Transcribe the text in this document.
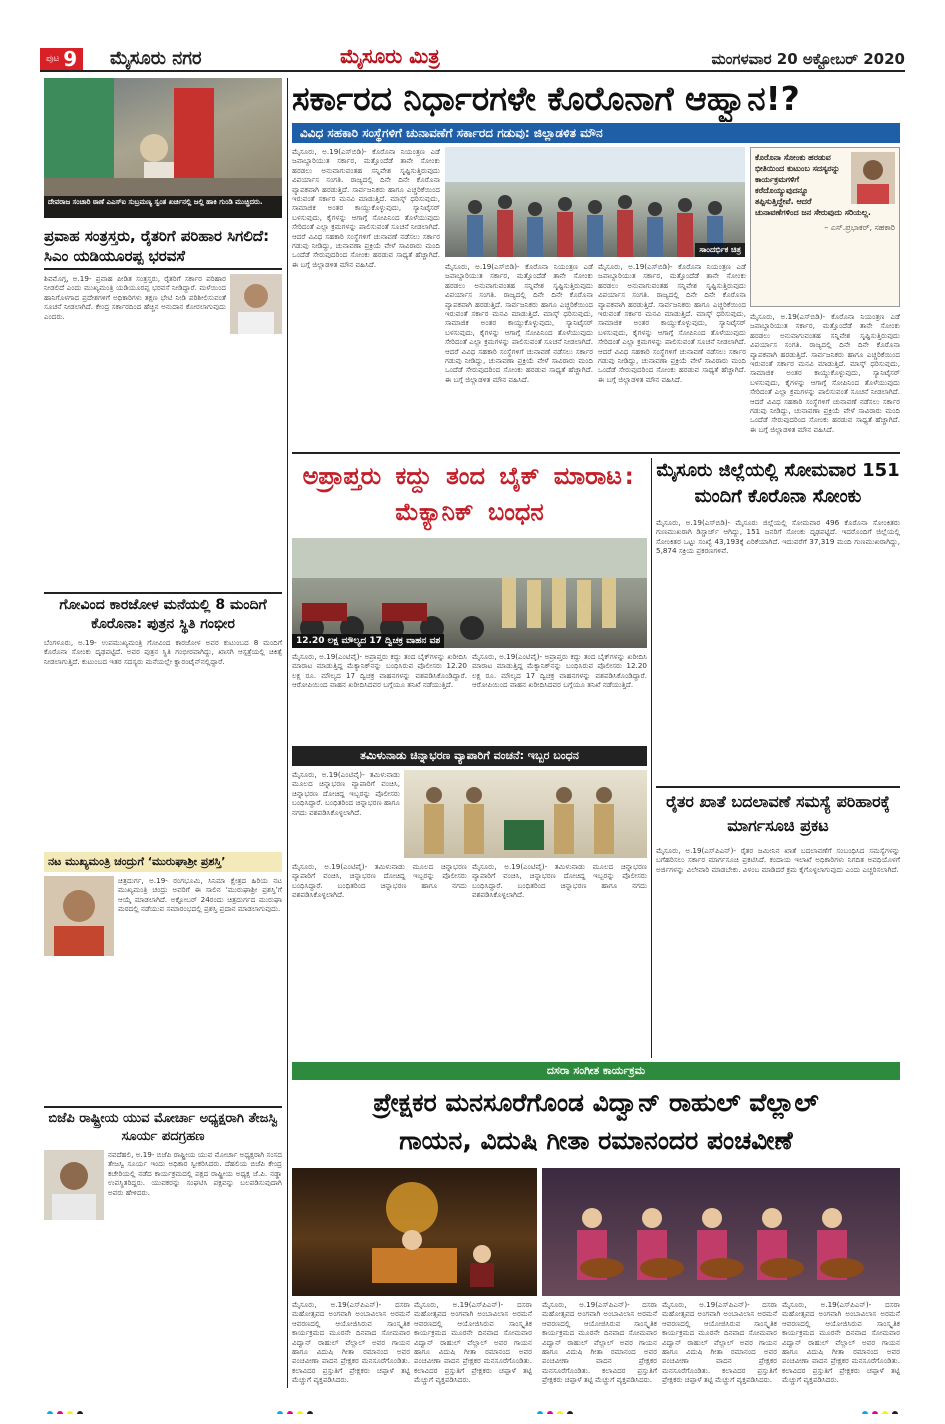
ಪುಟ 9 ಮೈಸೂರು ನಗರ	ಮೈಸೂರು ಮಿತ್ರ	ಮಂಗಳವಾರ 20 ಅಕ್ಟೋಬರ್ 2020
ದೇವರಾಜ ಸಂಚಾರಿ ಠಾಣೆ ಎಎಸ್‌ಐ ಸುಬ್ರಮಣ್ಯ ಸ್ವಂತ ಖರ್ಚಿನಲ್ಲಿ ಜಲ್ಲಿ ಹಾಕಿ ಗುಂಡಿ ಮುಚ್ಚಿದರು.
ಪ್ರವಾಹ ಸಂತ್ರಸ್ತರು, ರೈತರಿಗೆ ಪರಿಹಾರ ಸಿಗಲಿದೆ: ಸಿಎಂ ಯಡಿಯೂರಪ್ಪ ಭರವಸೆ
ಶಿವಮೊಗ್ಗ, ಅ.19- ಪ್ರವಾಹ ಪೀಡಿತ ಸಂತ್ರಸ್ತರು, ರೈತರಿಗೆ ಸರ್ಕಾರ ಪರಿಹಾರ ನೀಡಲಿದೆ ಎಂದು ಮುಖ್ಯಮಂತ್ರಿ ಯಡಿಯೂರಪ್ಪ ಭರವಸೆ ನೀಡಿದ್ದಾರೆ. ಮಳೆಯಿಂದ ಹಾನಿಗೊಳಗಾದ ಪ್ರದೇಶಗಳಿಗೆ ಅಧಿಕಾರಿಗಳು ತಕ್ಷಣ ಭೇಟಿ ನೀಡಿ ಪರಿಶೀಲಿಸುವಂತೆ ಸೂಚನೆ ನೀಡಲಾಗಿದೆ. ಕೇಂದ್ರ ಸರ್ಕಾರದಿಂದ ಹೆಚ್ಚಿನ ಅನುದಾನ ಕೋರಲಾಗುವುದು ಎಂದರು.
ಗೋವಿಂದ ಕಾರಜೋಳ ಮನೆಯಲ್ಲಿ 8 ಮಂದಿಗೆ ಕೊರೊನಾ: ಪುತ್ರನ ಸ್ಥಿತಿ ಗಂಭೀರ
ಬೆಂಗಳೂರು, ಅ.19- ಉಪಮುಖ್ಯಮಂತ್ರಿ ಗೋವಿಂದ ಕಾರಜೋಳ ಅವರ ಕುಟುಂಬದ 8 ಮಂದಿಗೆ ಕೊರೊನಾ ಸೋಂಕು ದೃಢಪಟ್ಟಿದೆ. ಅವರ ಪುತ್ರನ ಸ್ಥಿತಿ ಗಂಭೀರವಾಗಿದ್ದು, ಖಾಸಗಿ ಆಸ್ಪತ್ರೆಯಲ್ಲಿ ಚಿಕಿತ್ಸೆ ನೀಡಲಾಗುತ್ತಿದೆ. ಕುಟುಂಬದ ಇತರ ಸದಸ್ಯರು ಮನೆಯಲ್ಲೇ ಕ್ವಾರಂಟೈನ್‌ನಲ್ಲಿದ್ದಾರೆ.
ನಟ ಮುಖ್ಯಮಂತ್ರಿ ಚಂದ್ರುಗೆ ‘ಮುರುಘಾಶ್ರೀ ಪ್ರಶಸ್ತಿ’
ಚಿತ್ರದುರ್ಗ, ಅ.19- ರಂಗಭೂಮಿ, ಸಿನಿಮಾ ಕ್ಷೇತ್ರದ ಹಿರಿಯ ನಟ ಮುಖ್ಯಮಂತ್ರಿ ಚಂದ್ರು ಅವರಿಗೆ ಈ ಸಾಲಿನ ‘ಮುರುಘಾಶ್ರೀ ಪ್ರಶಸ್ತಿ’ಗೆ ಆಯ್ಕೆ ಮಾಡಲಾಗಿದೆ. ಅಕ್ಟೋಬರ್ 24ರಂದು ಚಿತ್ರದುರ್ಗದ ಮುರುಘಾ ಮಠದಲ್ಲಿ ನಡೆಯುವ ಸಮಾರಂಭದಲ್ಲಿ ಪ್ರಶಸ್ತಿ ಪ್ರದಾನ ಮಾಡಲಾಗುವುದು.
ಬಿಜೆಪಿ ರಾಷ್ಟ್ರೀಯ ಯುವ ಮೋರ್ಚಾ ಅಧ್ಯಕ್ಷರಾಗಿ ತೇಜಸ್ವಿ ಸೂರ್ಯ ಪದಗ್ರಹಣ
ನವದೆಹಲಿ, ಅ.19- ಬಿಜೆಪಿ ರಾಷ್ಟ್ರೀಯ ಯುವ ಮೋರ್ಚಾ ಅಧ್ಯಕ್ಷರಾಗಿ ಸಂಸದ ತೇಜಸ್ವಿ ಸೂರ್ಯ ಇಂದು ಅಧಿಕಾರ ಸ್ವೀಕರಿಸಿದರು. ದೆಹಲಿಯ ಬಿಜೆಪಿ ಕೇಂದ್ರ ಕಚೇರಿಯಲ್ಲಿ ನಡೆದ ಕಾರ್ಯಕ್ರಮದಲ್ಲಿ ಪಕ್ಷದ ರಾಷ್ಟ್ರೀಯ ಅಧ್ಯಕ್ಷ ಜೆ.ಪಿ. ನಡ್ಡಾ ಉಪಸ್ಥಿತರಿದ್ದರು. ಯುವಕರನ್ನು ಸಂಘಟಿಸಿ ಪಕ್ಷವನ್ನು ಬಲಪಡಿಸುವುದಾಗಿ ಅವರು ಹೇಳಿದರು.
ಸರ್ಕಾರದ ನಿರ್ಧಾರಗಳೇ ಕೊರೊನಾಗೆ ಆಹ್ವಾನ!?
ವಿವಿಧ ಸಹಕಾರಿ ಸಂಸ್ಥೆಗಳಿಗೆ ಚುನಾವಣೆಗೆ ಸರ್ಕಾರದ ಗಡುವು: ಜಿಲ್ಲಾಡಳಿತ ಮೌನ
ಮೈಸೂರು, ಅ.19(ಎಸ್‌ಬಿಡಿ)- ಕೊರೊನಾ ನಿಯಂತ್ರಣ ಎಡೆ ಜವಾಬ್ದಾರಿಯುತ ಸರ್ಕಾರ, ಮತ್ತೊಂದೆಡೆ ತಾನೇ ಸೋಂಕು ಹರಡಲು ಅನುವಾಗುವಂತಹ ಸನ್ನಿವೇಶ ಸೃಷ್ಟಿಸುತ್ತಿರುವುದು ವಿಪರ್ಯಾಸ ಸಂಗತಿ. ರಾಜ್ಯದಲ್ಲಿ ದಿನೇ ದಿನೇ ಕೊರೊನಾ ವ್ಯಾಪಕವಾಗಿ ಹರಡುತ್ತಿದೆ. ಸಾರ್ವಜನಿಕರು ಹಾಗೂ ಎಚ್ಚರಿಕೆಯಿಂದ ಇರುವಂತೆ ಸರ್ಕಾರ ಮನವಿ ಮಾಡುತ್ತಿದೆ. ಮಾಸ್ಕ್ ಧರಿಸುವುದು, ಸಾಮಾಜಿಕ ಅಂತರ ಕಾಯ್ದುಕೊಳ್ಳುವುದು, ಸ್ಯಾನಿಟೈಸರ್ ಬಳಸುವುದು, ಕೈಗಳನ್ನು ಆಗಾಗ್ಗೆ ಸೋಪಿನಿಂದ ತೊಳೆಯುವುದು ಸೇರಿದಂತೆ ಎಲ್ಲಾ ಕ್ರಮಗಳನ್ನು ಪಾಲಿಸುವಂತೆ ಸೂಚನೆ ನೀಡಲಾಗಿದೆ. ಆದರೆ ವಿವಿಧ ಸಹಕಾರಿ ಸಂಸ್ಥೆಗಳಿಗೆ ಚುನಾವಣೆ ನಡೆಸಲು ಸರ್ಕಾರ ಗಡುವು ನೀಡಿದ್ದು, ಚುನಾವಣಾ ಪ್ರಕ್ರಿಯೆ ವೇಳೆ ಸಾವಿರಾರು ಮಂದಿ ಒಂದೆಡೆ ಸೇರುವುದರಿಂದ ಸೋಂಕು ಹರಡುವ ಸಾಧ್ಯತೆ ಹೆಚ್ಚಾಗಿದೆ. ಈ ಬಗ್ಗೆ ಜಿಲ್ಲಾಡಳಿತ ಮೌನ ವಹಿಸಿದೆ.
ಸಾಂದರ್ಭಿಕ ಚಿತ್ರ
ಮೈಸೂರು, ಅ.19(ಎಸ್‌ಬಿಡಿ)- ಕೊರೊನಾ ನಿಯಂತ್ರಣ ಎಡೆ ಜವಾಬ್ದಾರಿಯುತ ಸರ್ಕಾರ, ಮತ್ತೊಂದೆಡೆ ತಾನೇ ಸೋಂಕು ಹರಡಲು ಅನುವಾಗುವಂತಹ ಸನ್ನಿವೇಶ ಸೃಷ್ಟಿಸುತ್ತಿರುವುದು ವಿಪರ್ಯಾಸ ಸಂಗತಿ. ರಾಜ್ಯದಲ್ಲಿ ದಿನೇ ದಿನೇ ಕೊರೊನಾ ವ್ಯಾಪಕವಾಗಿ ಹರಡುತ್ತಿದೆ. ಸಾರ್ವಜನಿಕರು ಹಾಗೂ ಎಚ್ಚರಿಕೆಯಿಂದ ಇರುವಂತೆ ಸರ್ಕಾರ ಮನವಿ ಮಾಡುತ್ತಿದೆ. ಮಾಸ್ಕ್ ಧರಿಸುವುದು, ಸಾಮಾಜಿಕ ಅಂತರ ಕಾಯ್ದುಕೊಳ್ಳುವುದು, ಸ್ಯಾನಿಟೈಸರ್ ಬಳಸುವುದು, ಕೈಗಳನ್ನು ಆಗಾಗ್ಗೆ ಸೋಪಿನಿಂದ ತೊಳೆಯುವುದು ಸೇರಿದಂತೆ ಎಲ್ಲಾ ಕ್ರಮಗಳನ್ನು ಪಾಲಿಸುವಂತೆ ಸೂಚನೆ ನೀಡಲಾಗಿದೆ. ಆದರೆ ವಿವಿಧ ಸಹಕಾರಿ ಸಂಸ್ಥೆಗಳಿಗೆ ಚುನಾವಣೆ ನಡೆಸಲು ಸರ್ಕಾರ ಗಡುವು ನೀಡಿದ್ದು, ಚುನಾವಣಾ ಪ್ರಕ್ರಿಯೆ ವೇಳೆ ಸಾವಿರಾರು ಮಂದಿ ಒಂದೆಡೆ ಸೇರುವುದರಿಂದ ಸೋಂಕು ಹರಡುವ ಸಾಧ್ಯತೆ ಹೆಚ್ಚಾಗಿದೆ. ಈ ಬಗ್ಗೆ ಜಿಲ್ಲಾಡಳಿತ ಮೌನ ವಹಿಸಿದೆ.
ಮೈಸೂರು, ಅ.19(ಎಸ್‌ಬಿಡಿ)- ಕೊರೊನಾ ನಿಯಂತ್ರಣ ಎಡೆ ಜವಾಬ್ದಾರಿಯುತ ಸರ್ಕಾರ, ಮತ್ತೊಂದೆಡೆ ತಾನೇ ಸೋಂಕು ಹರಡಲು ಅನುವಾಗುವಂತಹ ಸನ್ನಿವೇಶ ಸೃಷ್ಟಿಸುತ್ತಿರುವುದು ವಿಪರ್ಯಾಸ ಸಂಗತಿ. ರಾಜ್ಯದಲ್ಲಿ ದಿನೇ ದಿನೇ ಕೊರೊನಾ ವ್ಯಾಪಕವಾಗಿ ಹರಡುತ್ತಿದೆ. ಸಾರ್ವಜನಿಕರು ಹಾಗೂ ಎಚ್ಚರಿಕೆಯಿಂದ ಇರುವಂತೆ ಸರ್ಕಾರ ಮನವಿ ಮಾಡುತ್ತಿದೆ. ಮಾಸ್ಕ್ ಧರಿಸುವುದು, ಸಾಮಾಜಿಕ ಅಂತರ ಕಾಯ್ದುಕೊಳ್ಳುವುದು, ಸ್ಯಾನಿಟೈಸರ್ ಬಳಸುವುದು, ಕೈಗಳನ್ನು ಆಗಾಗ್ಗೆ ಸೋಪಿನಿಂದ ತೊಳೆಯುವುದು ಸೇರಿದಂತೆ ಎಲ್ಲಾ ಕ್ರಮಗಳನ್ನು ಪಾಲಿಸುವಂತೆ ಸೂಚನೆ ನೀಡಲಾಗಿದೆ. ಆದರೆ ವಿವಿಧ ಸಹಕಾರಿ ಸಂಸ್ಥೆಗಳಿಗೆ ಚುನಾವಣೆ ನಡೆಸಲು ಸರ್ಕಾರ ಗಡುವು ನೀಡಿದ್ದು, ಚುನಾವಣಾ ಪ್ರಕ್ರಿಯೆ ವೇಳೆ ಸಾವಿರಾರು ಮಂದಿ ಒಂದೆಡೆ ಸೇರುವುದರಿಂದ ಸೋಂಕು ಹರಡುವ ಸಾಧ್ಯತೆ ಹೆಚ್ಚಾಗಿದೆ. ಈ ಬಗ್ಗೆ ಜಿಲ್ಲಾಡಳಿತ ಮೌನ ವಹಿಸಿದೆ.
ಕೊರೊನಾ ಸೋಂಕು ಹರಡುವ ಭೀತಿಯಿಂದ ಕುಟುಂಬ ಸದಸ್ಯರನ್ನು ಕಾರ್ಯಕ್ರಮಗಳಿಗೆ ಕರೆದೊಯ್ಯುವುದನ್ನೂ ತಪ್ಪಿಸುತ್ತಿದ್ದೇವೆ. ಆದರೆ ಚುನಾವಣೆಗಳಿಂದ ಜನ ಸೇರುವುದು ಸರಿಯಲ್ಲ.
– ಎಸ್.ಪ್ರಭಾಕರ್, ಸಹಕಾರಿ
ಮೈಸೂರು, ಅ.19(ಎಸ್‌ಬಿಡಿ)- ಕೊರೊನಾ ನಿಯಂತ್ರಣ ಎಡೆ ಜವಾಬ್ದಾರಿಯುತ ಸರ್ಕಾರ, ಮತ್ತೊಂದೆಡೆ ತಾನೇ ಸೋಂಕು ಹರಡಲು ಅನುವಾಗುವಂತಹ ಸನ್ನಿವೇಶ ಸೃಷ್ಟಿಸುತ್ತಿರುವುದು ವಿಪರ್ಯಾಸ ಸಂಗತಿ. ರಾಜ್ಯದಲ್ಲಿ ದಿನೇ ದಿನೇ ಕೊರೊನಾ ವ್ಯಾಪಕವಾಗಿ ಹರಡುತ್ತಿದೆ. ಸಾರ್ವಜನಿಕರು ಹಾಗೂ ಎಚ್ಚರಿಕೆಯಿಂದ ಇರುವಂತೆ ಸರ್ಕಾರ ಮನವಿ ಮಾಡುತ್ತಿದೆ. ಮಾಸ್ಕ್ ಧರಿಸುವುದು, ಸಾಮಾಜಿಕ ಅಂತರ ಕಾಯ್ದುಕೊಳ್ಳುವುದು, ಸ್ಯಾನಿಟೈಸರ್ ಬಳಸುವುದು, ಕೈಗಳನ್ನು ಆಗಾಗ್ಗೆ ಸೋಪಿನಿಂದ ತೊಳೆಯುವುದು ಸೇರಿದಂತೆ ಎಲ್ಲಾ ಕ್ರಮಗಳನ್ನು ಪಾಲಿಸುವಂತೆ ಸೂಚನೆ ನೀಡಲಾಗಿದೆ. ಆದರೆ ವಿವಿಧ ಸಹಕಾರಿ ಸಂಸ್ಥೆಗಳಿಗೆ ಚುನಾವಣೆ ನಡೆಸಲು ಸರ್ಕಾರ ಗಡುವು ನೀಡಿದ್ದು, ಚುನಾವಣಾ ಪ್ರಕ್ರಿಯೆ ವೇಳೆ ಸಾವಿರಾರು ಮಂದಿ ಒಂದೆಡೆ ಸೇರುವುದರಿಂದ ಸೋಂಕು ಹರಡುವ ಸಾಧ್ಯತೆ ಹೆಚ್ಚಾಗಿದೆ. ಈ ಬಗ್ಗೆ ಜಿಲ್ಲಾಡಳಿತ ಮೌನ ವಹಿಸಿದೆ.
ಅಪ್ರಾಪ್ತರು ಕದ್ದು ತಂದ ಬೈಕ್ ಮಾರಾಟ: ಮೆಕ್ಯಾನಿಕ್ ಬಂಧನ
12.20 ಲಕ್ಷ ಮೌಲ್ಯದ 17 ದ್ವಿಚಕ್ರ ವಾಹನ ವಶ
ಮೈಸೂರು, ಅ.19(ಎಂಟಿವೈ)- ಅಪ್ರಾಪ್ತರು ಕದ್ದು ತಂದ ಬೈಕ್‌ಗಳನ್ನು ಖರೀದಿಸಿ ಮಾರಾಟ ಮಾಡುತ್ತಿದ್ದ ಮೆಕ್ಯಾನಿಕ್‌ನನ್ನು ಬಂಧಿಸಿರುವ ಪೊಲೀಸರು 12.20 ಲಕ್ಷ ರೂ. ಮೌಲ್ಯದ 17 ದ್ವಿಚಕ್ರ ವಾಹನಗಳನ್ನು ವಶಪಡಿಸಿಕೊಂಡಿದ್ದಾರೆ. ಆರೋಪಿಯಿಂದ ವಾಹನ ಖರೀದಿಸಿದವರ ಬಗ್ಗೆಯೂ ತನಿಖೆ ನಡೆಯುತ್ತಿದೆ.
ಮೈಸೂರು, ಅ.19(ಎಂಟಿವೈ)- ಅಪ್ರಾಪ್ತರು ಕದ್ದು ತಂದ ಬೈಕ್‌ಗಳನ್ನು ಖರೀದಿಸಿ ಮಾರಾಟ ಮಾಡುತ್ತಿದ್ದ ಮೆಕ್ಯಾನಿಕ್‌ನನ್ನು ಬಂಧಿಸಿರುವ ಪೊಲೀಸರು 12.20 ಲಕ್ಷ ರೂ. ಮೌಲ್ಯದ 17 ದ್ವಿಚಕ್ರ ವಾಹನಗಳನ್ನು ವಶಪಡಿಸಿಕೊಂಡಿದ್ದಾರೆ. ಆರೋಪಿಯಿಂದ ವಾಹನ ಖರೀದಿಸಿದವರ ಬಗ್ಗೆಯೂ ತನಿಖೆ ನಡೆಯುತ್ತಿದೆ.
ತಮಿಳುನಾಡು ಚಿನ್ನಾಭರಣ ವ್ಯಾಪಾರಿಗೆ ವಂಚನೆ: ಇಬ್ಬರ ಬಂಧನ
ಮೈಸೂರು, ಅ.19(ಎಂಟಿವೈ)- ತಮಿಳುನಾಡು ಮೂಲದ ಚಿನ್ನಾಭರಣ ವ್ಯಾಪಾರಿಗೆ ವಂಚಿಸಿ, ಚಿನ್ನಾಭರಣ ದೋಚಿದ್ದ ಇಬ್ಬರನ್ನು ಪೊಲೀಸರು ಬಂಧಿಸಿದ್ದಾರೆ. ಬಂಧಿತರಿಂದ ಚಿನ್ನಾಭರಣ ಹಾಗೂ ನಗದು ವಶಪಡಿಸಿಕೊಳ್ಳಲಾಗಿದೆ.
ಮೈಸೂರು, ಅ.19(ಎಂಟಿವೈ)- ತಮಿಳುನಾಡು ಮೂಲದ ಚಿನ್ನಾಭರಣ ವ್ಯಾಪಾರಿಗೆ ವಂಚಿಸಿ, ಚಿನ್ನಾಭರಣ ದೋಚಿದ್ದ ಇಬ್ಬರನ್ನು ಪೊಲೀಸರು ಬಂಧಿಸಿದ್ದಾರೆ. ಬಂಧಿತರಿಂದ ಚಿನ್ನಾಭರಣ ಹಾಗೂ ನಗದು ವಶಪಡಿಸಿಕೊಳ್ಳಲಾಗಿದೆ.
ಮೈಸೂರು, ಅ.19(ಎಂಟಿವೈ)- ತಮಿಳುನಾಡು ಮೂಲದ ಚಿನ್ನಾಭರಣ ವ್ಯಾಪಾರಿಗೆ ವಂಚಿಸಿ, ಚಿನ್ನಾಭರಣ ದೋಚಿದ್ದ ಇಬ್ಬರನ್ನು ಪೊಲೀಸರು ಬಂಧಿಸಿದ್ದಾರೆ. ಬಂಧಿತರಿಂದ ಚಿನ್ನಾಭರಣ ಹಾಗೂ ನಗದು ವಶಪಡಿಸಿಕೊಳ್ಳಲಾಗಿದೆ.
ಮೈಸೂರು ಜಿಲ್ಲೆಯಲ್ಲಿ ಸೋಮವಾರ 151 ಮಂದಿಗೆ ಕೊರೊನಾ ಸೋಂಕು
ಮೈಸೂರು, ಅ.19(ಎಸ್‌ಬಿಡಿ)- ಮೈಸೂರು ಜಿಲ್ಲೆಯಲ್ಲಿ ಸೋಮವಾರ 496 ಕೊರೊನಾ ಸೋಂಕಿತರು ಗುಣಮುಖರಾಗಿ ಡಿಸ್ಚಾರ್ಜ್ ಆಗಿದ್ದು, 151 ಜನರಿಗೆ ಸೋಂಕು ದೃಢಪಟ್ಟಿದೆ. ಇದರೊಂದಿಗೆ ಜಿಲ್ಲೆಯಲ್ಲಿ ಸೋಂಕಿತರ ಒಟ್ಟು ಸಂಖ್ಯೆ 43,193ಕ್ಕೆ ಏರಿಕೆಯಾಗಿದೆ. ಇದುವರೆಗೆ 37,319 ಮಂದಿ ಗುಣಮುಖರಾಗಿದ್ದು, 5,874 ಸಕ್ರಿಯ ಪ್ರಕರಣಗಳಿವೆ.
ರೈತರ ಖಾತೆ ಬದಲಾವಣೆ ಸಮಸ್ಯೆ ಪರಿಹಾರಕ್ಕೆ ಮಾರ್ಗಸೂಚಿ ಪ್ರಕಟ
ಮೈಸೂರು, ಅ.19(ಎಸ್‌ಪಿಎನ್)- ರೈತರ ಜಮೀನಿನ ಖಾತೆ ಬದಲಾವಣೆಗೆ ಸಂಬಂಧಿಸಿದ ಸಮಸ್ಯೆಗಳನ್ನು ಬಗೆಹರಿಸಲು ಸರ್ಕಾರ ಮಾರ್ಗಸೂಚಿ ಪ್ರಕಟಿಸಿದೆ. ಕಂದಾಯ ಇಲಾಖೆ ಅಧಿಕಾರಿಗಳು ನಿಗದಿತ ಅವಧಿಯೊಳಗೆ ಅರ್ಜಿಗಳನ್ನು ವಿಲೇವಾರಿ ಮಾಡಬೇಕು. ವಿಳಂಬ ಮಾಡಿದರೆ ಕ್ರಮ ಕೈಗೊಳ್ಳಲಾಗುವುದು ಎಂದು ಎಚ್ಚರಿಸಲಾಗಿದೆ.
ದಸರಾ ಸಂಗೀತ ಕಾರ್ಯಕ್ರಮ
ಪ್ರೇಕ್ಷಕರ ಮನಸೂರೆಗೊಂಡ ವಿದ್ವಾನ್ ರಾಹುಲ್ ವೆಲ್ಲಾಲ್
ಗಾಯನ, ವಿದುಷಿ ಗೀತಾ ರಮಾನಂದರ ಪಂಚವೀಣೆ
ಮೈಸೂರು, ಅ.19(ಎಸ್‌ಪಿಎನ್)- ದಸರಾ ಮಹೋತ್ಸವದ ಅಂಗವಾಗಿ ಅಂಬಾವಿಲಾಸ ಅರಮನೆ ಆವರಣದಲ್ಲಿ ಆಯೋಜಿಸಿರುವ ಸಾಂಸ್ಕೃತಿಕ ಕಾರ್ಯಕ್ರಮದ ಮೂರನೇ ದಿನವಾದ ಸೋಮವಾರ ವಿದ್ವಾನ್ ರಾಹುಲ್ ವೆಲ್ಲಾಲ್ ಅವರ ಗಾಯನ ಹಾಗೂ ವಿದುಷಿ ಗೀತಾ ರಮಾನಂದ ಅವರ ಪಂಚವೀಣಾ ವಾದನ ಪ್ರೇಕ್ಷಕರ ಮನಸೂರೆಗೊಂಡಿತು. ಕಲಾವಿದರ ಪ್ರಸ್ತುತಿಗೆ ಪ್ರೇಕ್ಷಕರು ಚಪ್ಪಾಳೆ ತಟ್ಟಿ ಮೆಚ್ಚುಗೆ ವ್ಯಕ್ತಪಡಿಸಿದರು.
ಮೈಸೂರು, ಅ.19(ಎಸ್‌ಪಿಎನ್)- ದಸರಾ ಮಹೋತ್ಸವದ ಅಂಗವಾಗಿ ಅಂಬಾವಿಲಾಸ ಅರಮನೆ ಆವರಣದಲ್ಲಿ ಆಯೋಜಿಸಿರುವ ಸಾಂಸ್ಕೃತಿಕ ಕಾರ್ಯಕ್ರಮದ ಮೂರನೇ ದಿನವಾದ ಸೋಮವಾರ ವಿದ್ವಾನ್ ರಾಹುಲ್ ವೆಲ್ಲಾಲ್ ಅವರ ಗಾಯನ ಹಾಗೂ ವಿದುಷಿ ಗೀತಾ ರಮಾನಂದ ಅವರ ಪಂಚವೀಣಾ ವಾದನ ಪ್ರೇಕ್ಷಕರ ಮನಸೂರೆಗೊಂಡಿತು. ಕಲಾವಿದರ ಪ್ರಸ್ತುತಿಗೆ ಪ್ರೇಕ್ಷಕರು ಚಪ್ಪಾಳೆ ತಟ್ಟಿ ಮೆಚ್ಚುಗೆ ವ್ಯಕ್ತಪಡಿಸಿದರು.
ಮೈಸೂರು, ಅ.19(ಎಸ್‌ಪಿಎನ್)- ದಸರಾ ಮಹೋತ್ಸವದ ಅಂಗವಾಗಿ ಅಂಬಾವಿಲಾಸ ಅರಮನೆ ಆವರಣದಲ್ಲಿ ಆಯೋಜಿಸಿರುವ ಸಾಂಸ್ಕೃತಿಕ ಕಾರ್ಯಕ್ರಮದ ಮೂರನೇ ದಿನವಾದ ಸೋಮವಾರ ವಿದ್ವಾನ್ ರಾಹುಲ್ ವೆಲ್ಲಾಲ್ ಅವರ ಗಾಯನ ಹಾಗೂ ವಿದುಷಿ ಗೀತಾ ರಮಾನಂದ ಅವರ ಪಂಚವೀಣಾ ವಾದನ ಪ್ರೇಕ್ಷಕರ ಮನಸೂರೆಗೊಂಡಿತು. ಕಲಾವಿದರ ಪ್ರಸ್ತುತಿಗೆ ಪ್ರೇಕ್ಷಕರು ಚಪ್ಪಾಳೆ ತಟ್ಟಿ ಮೆಚ್ಚುಗೆ ವ್ಯಕ್ತಪಡಿಸಿದರು.
ಮೈಸೂರು, ಅ.19(ಎಸ್‌ಪಿಎನ್)- ದಸರಾ ಮಹೋತ್ಸವದ ಅಂಗವಾಗಿ ಅಂಬಾವಿಲಾಸ ಅರಮನೆ ಆವರಣದಲ್ಲಿ ಆಯೋಜಿಸಿರುವ ಸಾಂಸ್ಕೃತಿಕ ಕಾರ್ಯಕ್ರಮದ ಮೂರನೇ ದಿನವಾದ ಸೋಮವಾರ ವಿದ್ವಾನ್ ರಾಹುಲ್ ವೆಲ್ಲಾಲ್ ಅವರ ಗಾಯನ ಹಾಗೂ ವಿದುಷಿ ಗೀತಾ ರಮಾನಂದ ಅವರ ಪಂಚವೀಣಾ ವಾದನ ಪ್ರೇಕ್ಷಕರ ಮನಸೂರೆಗೊಂಡಿತು. ಕಲಾವಿದರ ಪ್ರಸ್ತುತಿಗೆ ಪ್ರೇಕ್ಷಕರು ಚಪ್ಪಾಳೆ ತಟ್ಟಿ ಮೆಚ್ಚುಗೆ ವ್ಯಕ್ತಪಡಿಸಿದರು.
ಮೈಸೂರು, ಅ.19(ಎಸ್‌ಪಿಎನ್)- ದಸರಾ ಮಹೋತ್ಸವದ ಅಂಗವಾಗಿ ಅಂಬಾವಿಲಾಸ ಅರಮನೆ ಆವರಣದಲ್ಲಿ ಆಯೋಜಿಸಿರುವ ಸಾಂಸ್ಕೃತಿಕ ಕಾರ್ಯಕ್ರಮದ ಮೂರನೇ ದಿನವಾದ ಸೋಮವಾರ ವಿದ್ವಾನ್ ರಾಹುಲ್ ವೆಲ್ಲಾಲ್ ಅವರ ಗಾಯನ ಹಾಗೂ ವಿದುಷಿ ಗೀತಾ ರಮಾನಂದ ಅವರ ಪಂಚವೀಣಾ ವಾದನ ಪ್ರೇಕ್ಷಕರ ಮನಸೂರೆಗೊಂಡಿತು. ಕಲಾವಿದರ ಪ್ರಸ್ತುತಿಗೆ ಪ್ರೇಕ್ಷಕರು ಚಪ್ಪಾಳೆ ತಟ್ಟಿ ಮೆಚ್ಚುಗೆ ವ್ಯಕ್ತಪಡಿಸಿದರು.
